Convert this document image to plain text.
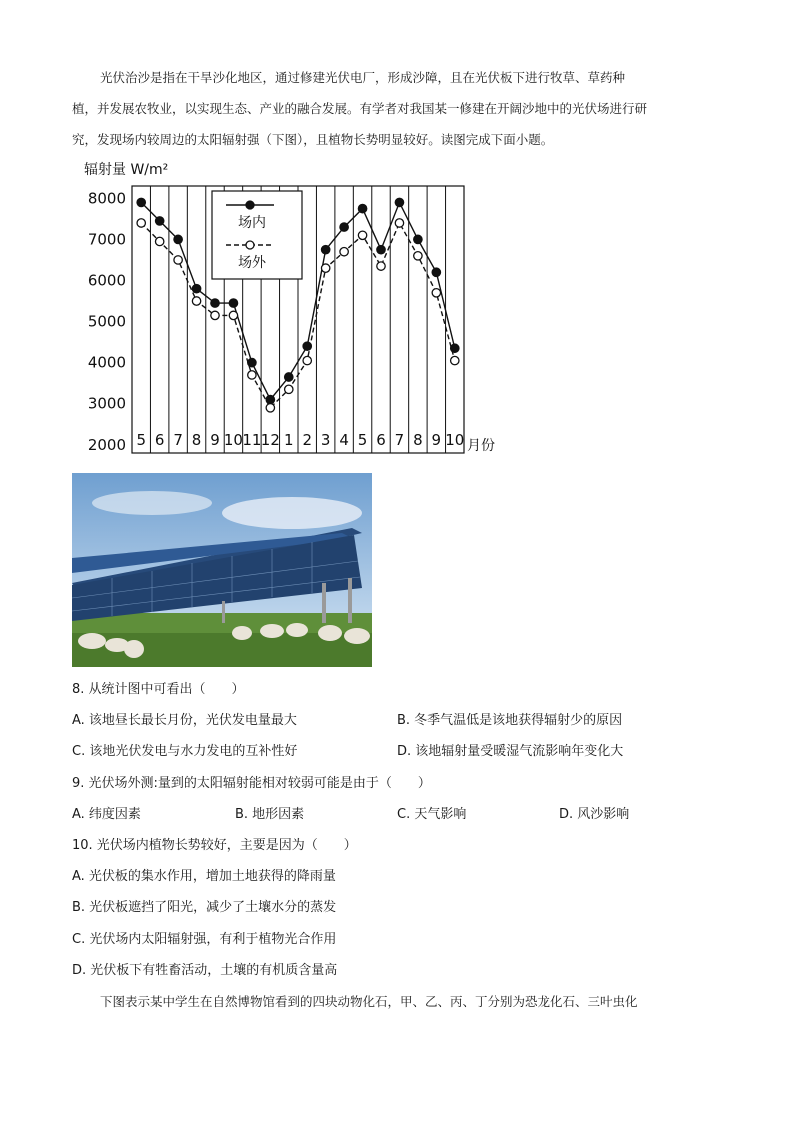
光伏治沙是指在干旱沙化地区，通过修建光伏电厂，形成沙障，且在光伏板下进行牧草、草药种

植，并发展农牧业，以实现生态、产业的融合发展。有学者对我国某一修建在开阔沙地中的光伏场进行研

究，发现场内较周边的太阳辐射强（下图），且植物长势明显较好。读图完成下面小题。

8000
7000
6000
5000
4000
3000
2000 5 6 7 8 9 10 11 12 1 2 3 4 5 6 7 8 9 10
辐射量 W/m²
月份
场内
场外
8. 从统计图中可看出（　　）
A. 该地昼长最长月份，光伏发电量最大	B. 冬季气温低是该地获得辐射少的原因
C. 该地光伏发电与水力发电的互补性好	D. 该地辐射量受暖湿气流影响年变化大
9. 光伏场外测:量到的太阳辐射能相对较弱可能是由于（　　）
A. 纬度因素	B. 地形因素	C. 天气影响	D. 风沙影响
10. 光伏场内植物长势较好，主要是因为（　　）
A. 光伏板的集水作用，增加土地获得的降雨量
B. 光伏板遮挡了阳光，减少了土壤水分的蒸发
C. 光伏场内太阳辐射强，有利于植物光合作用
D. 光伏板下有牲畜活动，土壤的有机质含量高

下图表示某中学生在自然博物馆看到的四块动物化石，甲、乙、丙、丁分别为恐龙化石、三叶虫化
